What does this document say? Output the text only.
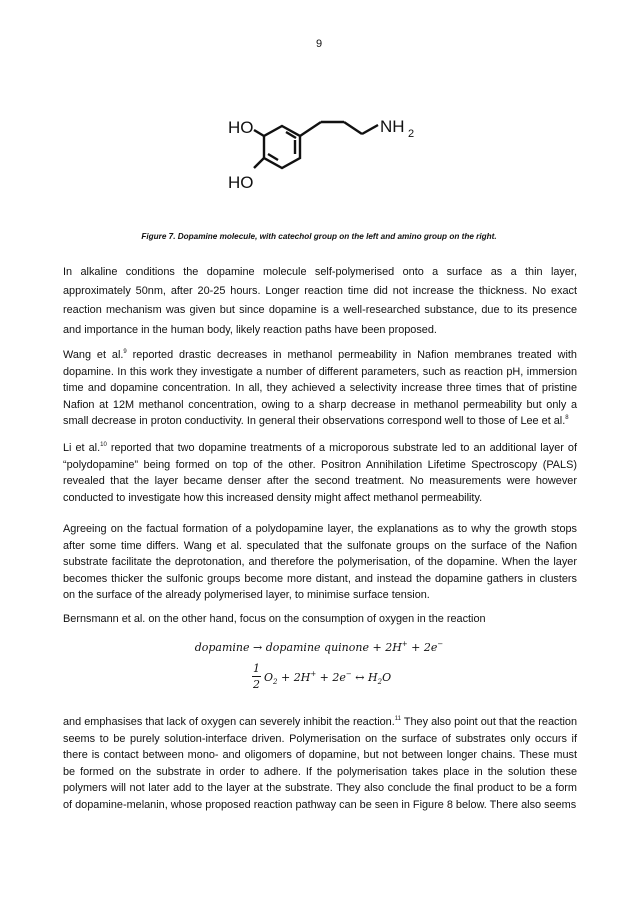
9
HO
HO
NH 2
Figure 7. Dopamine molecule, with catechol group on the left and amino group on the right.

In alkaline conditions the dopamine molecule self-polymerised onto a surface as a thin layer, approximately 50nm, after 20-25 hours. Longer reaction time did not increase the thickness. No exact reaction mechanism was given but since dopamine is a well-researched substance, due to its presence and importance in the human body, likely reaction paths have been proposed.

Wang et al.$^9$ reported drastic decreases in methanol permeability in Nafion membranes treated with dopamine. In this work they investigate a number of different parameters, such as reaction pH, immersion time and dopamine concentration. In all, they achieved a selectivity increase three times that of pristine Nafion at 12M methanol concentration, owing to a sharp decrease in methanol permeability but only a small decrease in proton conductivity. In general their observations correspond well to those of Lee et al.$^8$

Li et al.$^{10}$ reported that two dopamine treatments of a microporous substrate led to an additional layer of “polydopamine” being formed on top of the other. Positron Annihilation Lifetime Spectroscopy (PALS) revealed that the layer became denser after the second treatment. No measurements were however conducted to investigate how this increased density might affect methanol permeability.

Agreeing on the factual formation of a polydopamine layer, the explanations as to why the growth stops after some time differs. Wang et al. speculated that the sulfonate groups on the surface of the Nafion substrate facilitate the deprotonation, and therefore the polymerisation, of the dopamine. When the layer becomes thicker the sulfonic groups become more distant, and instead the dopamine gathers in clusters on the surface of the already polymerised layer, to minimise surface tension.

Bernsmann et al. on the other hand, focus on the consumption of oxygen in the reaction

dopamine → dopamine quinone + 2H+ + 2e−
1
2
$O_2 + 2H^+ + 2e^-$ ↔ $H_2O$

and emphasises that lack of oxygen can severely inhibit the reaction.$^{11}$ They also point out that the reaction seems to be purely solution-interface driven. Polymerisation on the surface of substrates only occurs if there is contact between mono- and oligomers of dopamine, but not between longer chains. These must be formed on the substrate in order to adhere. If the polymerisation takes place in the solution these polymers will not later add to the layer at the substrate. They also conclude the final product to be a form of dopamine-melanin, whose proposed reaction pathway can be seen in Figure 8 below. There also seems
